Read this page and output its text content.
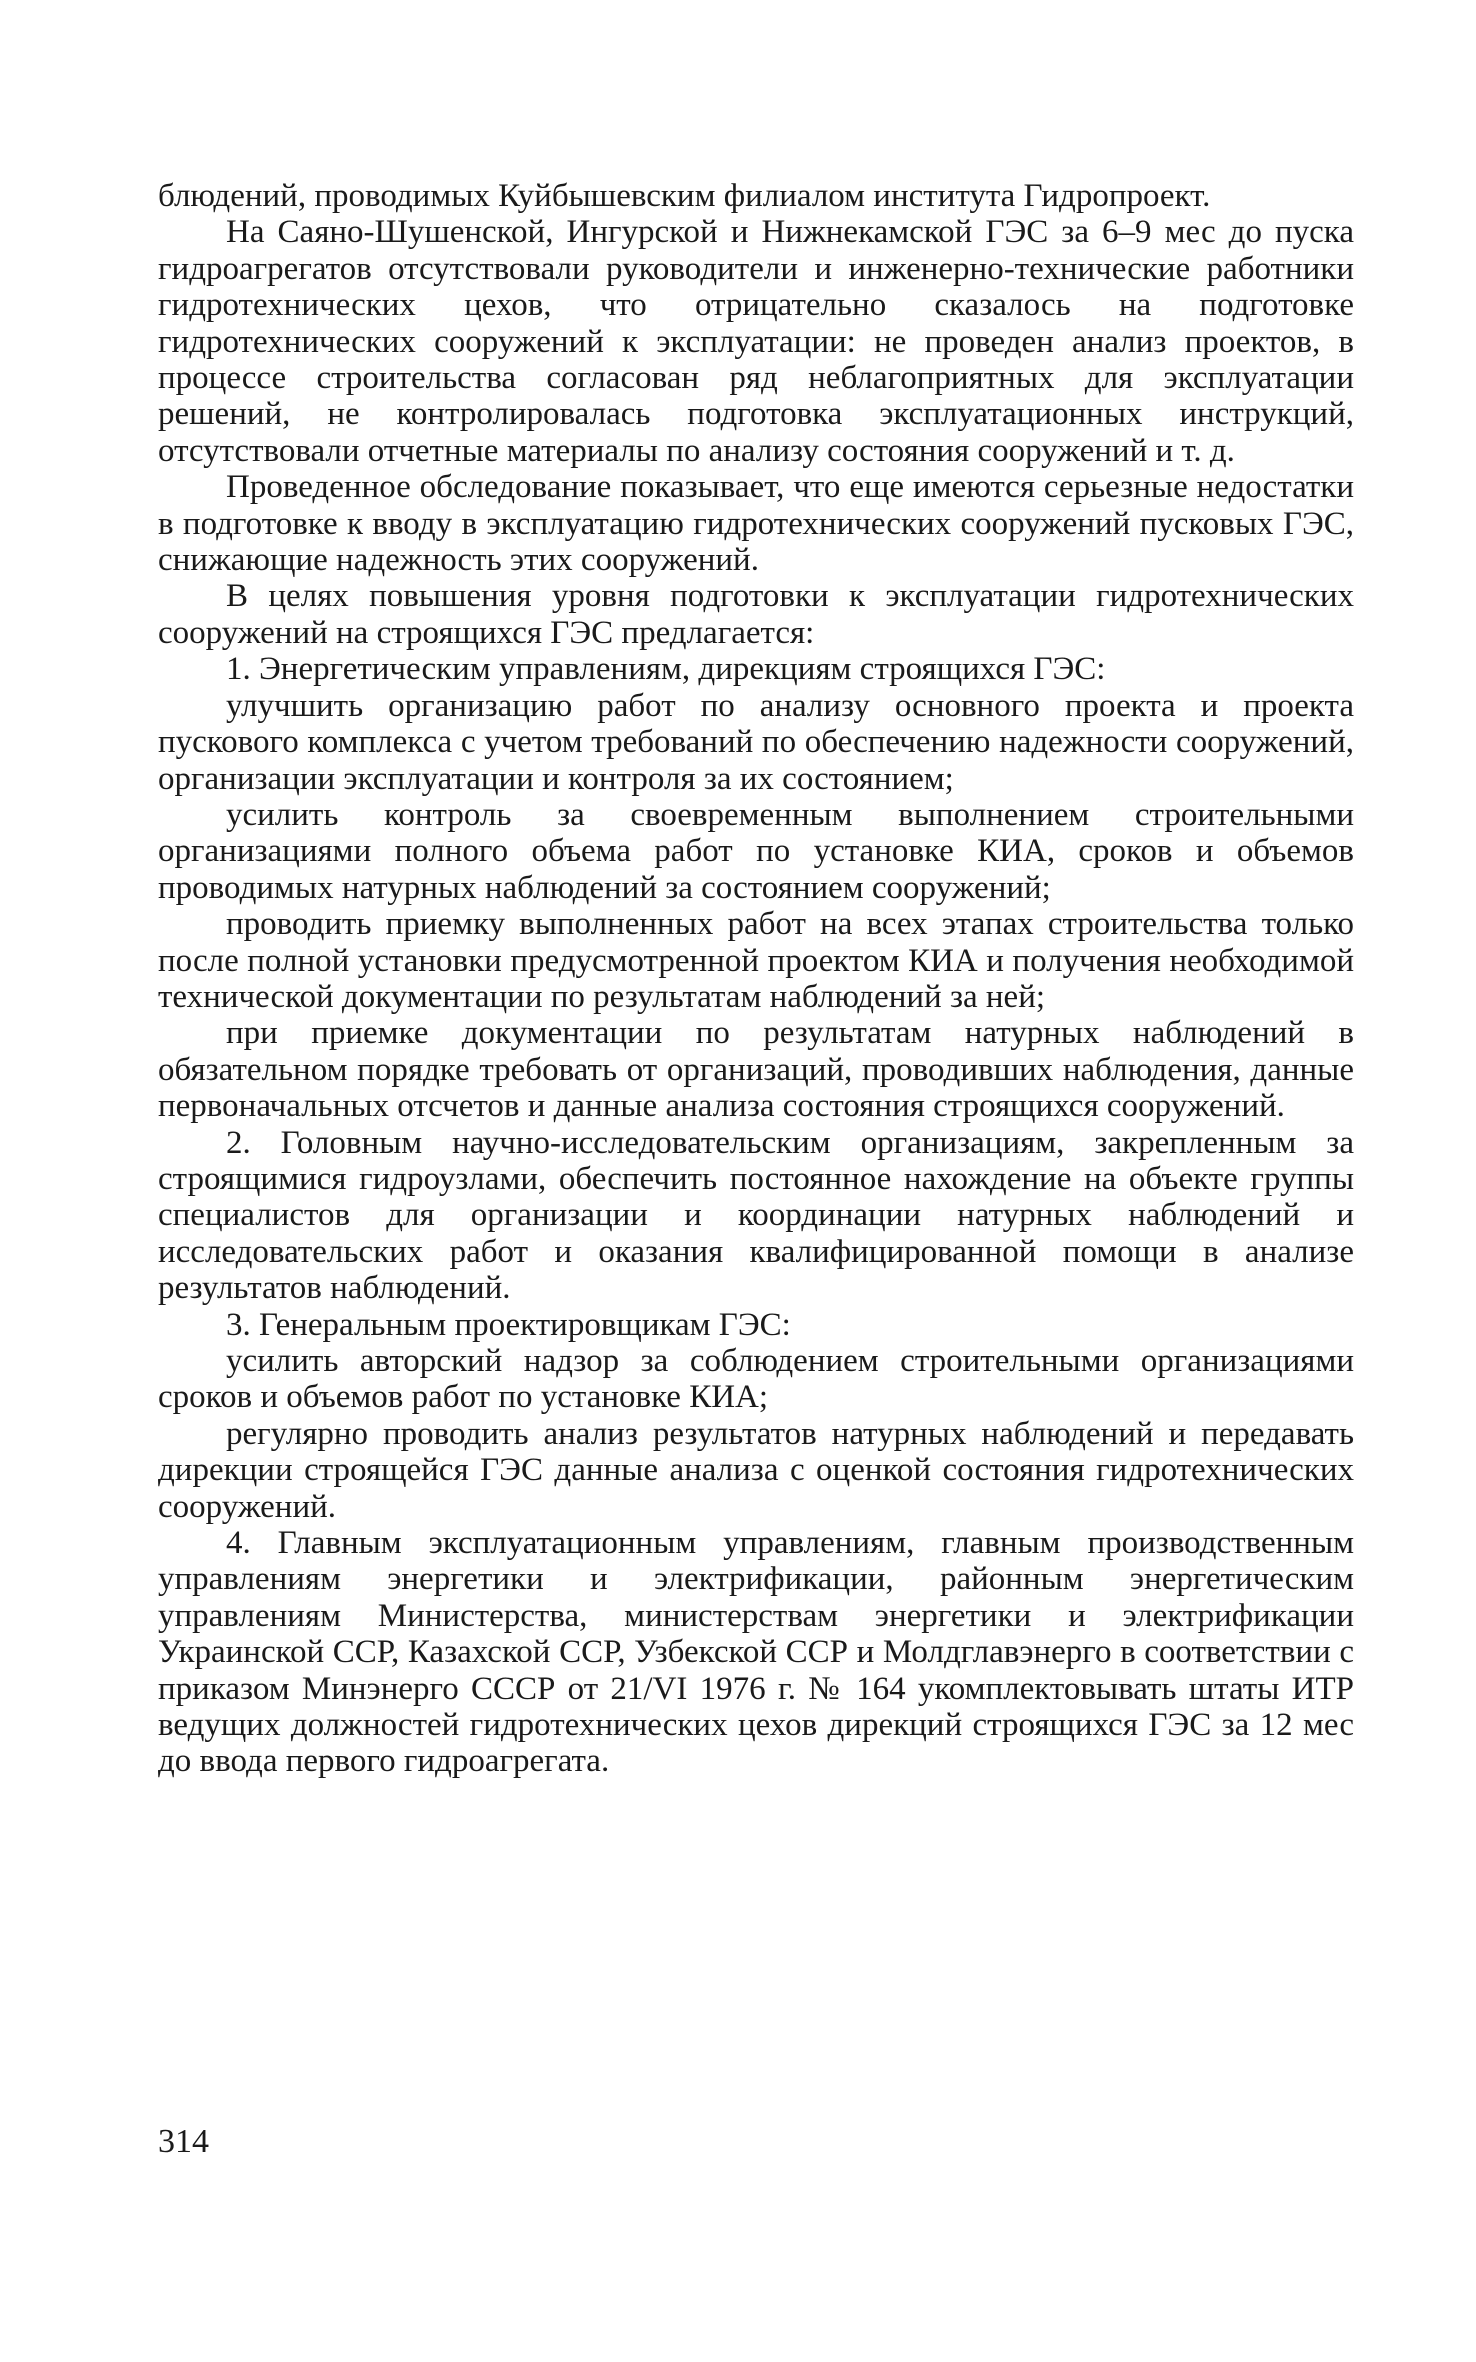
блюдений, проводимых Куйбышевским филиалом института Гидропроект.

На Саяно-Шушенской, Ингурской и Нижнекамской ГЭС за 6–9 мес до пуска гидроагрегатов отсутствовали руководители и инженерно-технические работники гидротехнических цехов, что отрицательно сказалось на подготовке гидротехнических сооружений к эксплуатации: не проведен анализ проектов, в процессе строительства согласован ряд неблагоприятных для эксплуатации решений, не контролировалась подготовка эксплуатационных инструкций, отсутствовали отчетные материалы по анализу состояния сооружений и т. д.

Проведенное обследование показывает, что еще имеются серьезные недостатки в подготовке к вводу в эксплуатацию гидротехнических сооружений пусковых ГЭС, снижающие надежность этих сооружений.

В целях повышения уровня подготовки к эксплуатации гидротехнических сооружений на строящихся ГЭС предлагается:

1. Энергетическим управлениям, дирекциям строящихся ГЭС:

улучшить организацию работ по анализу основного проекта и проекта пускового комплекса с учетом требований по обеспечению надежности сооружений, организации эксплуатации и контроля за их состоянием;

усилить контроль за своевременным выполнением строительными организациями полного объема работ по установке КИА, сроков и объемов проводимых натурных наблюдений за состоянием сооружений;

проводить приемку выполненных работ на всех этапах строительства только после полной установки предусмотренной проектом КИА и получения необходимой технической документации по результатам наблюдений за ней;

при приемке документации по результатам натурных наблюдений в обязательном порядке требовать от организаций, проводивших наблюдения, данные первоначальных отсчетов и данные анализа состояния строящихся сооружений.

2. Головным научно-исследовательским организациям, закрепленным за строящимися гидроузлами, обеспечить постоянное нахождение на объекте группы специалистов для организации и координации натурных наблюдений и исследовательских работ и оказания квалифицированной помощи в анализе результатов наблюдений.

3. Генеральным проектировщикам ГЭС:

усилить авторский надзор за соблюдением строительными организациями сроков и объемов работ по установке КИА;

регулярно проводить анализ результатов натурных наблюдений и передавать дирекции строящейся ГЭС данные анализа с оценкой состояния гидротехнических сооружений.

4. Главным эксплуатационным управлениям, главным производственным управлениям энергетики и электрификации, районным энергетическим управлениям Министерства, министерствам энергетики и электрификации Украинской ССР, Казахской ССР, Узбекской ССР и Молдглавэнерго в соответствии с приказом Минэнерго СССР от 21/VI 1976 г. № 164 укомплектовывать штаты ИТР ведущих должностей гидротехнических цехов дирекций строящихся ГЭС за 12 мес до ввода первого гидроагрегата.

314
